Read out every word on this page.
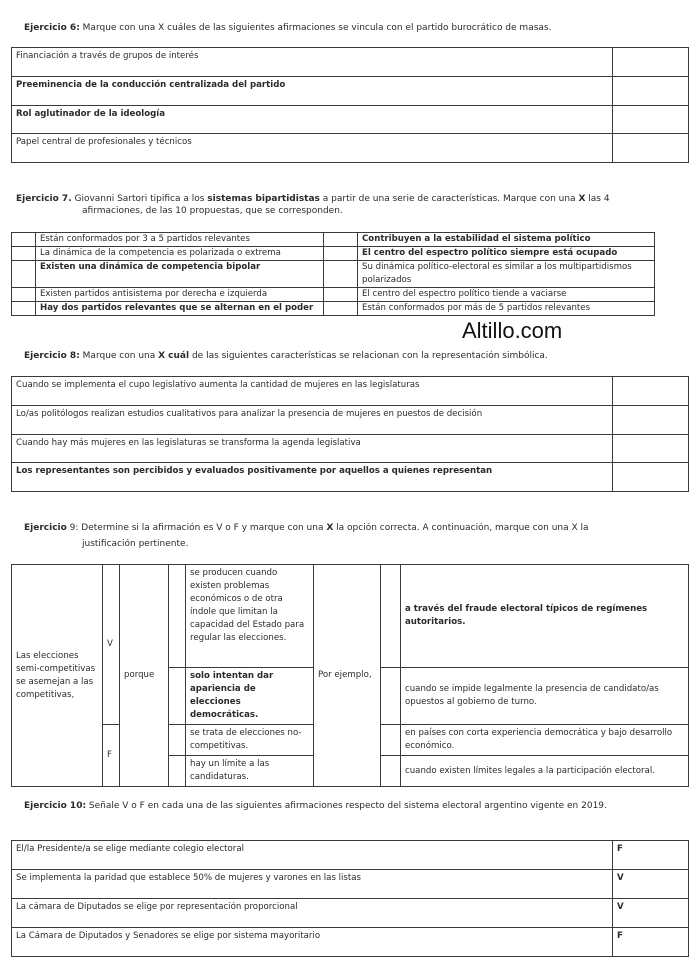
Ejercicio 6: Marque con una X cuáles de las siguientes afirmaciones se vincula con el partido burocrático de masas.
Financiación a través de grupos de interés	
Preeminencia de la conducción centralizada del partido	
Rol aglutinador de la ideología	
Papel central de profesionales y técnicos	
Ejercicio 7. Giovanni Sartori tipifica a los sistemas bipartidistas a partir de una serie de características. Marque con una X las 4
afirmaciones, de las 10 propuestas, que se corresponden.
	Están conformados por 3 a 5 partidos relevantes		Contribuyen a la estabilidad el sistema político
	La dinámica de la competencia es polarizada o extrema		El centro del espectro político siempre está ocupado
	Existen una dinámica de competencia bipolar		Su dinámica político-electoral es similar a los multipartidismos polarizados
	Existen partidos antisistema por derecha e izquierda		El centro del espectro político tiende a vaciarse
	Hay dos partidos relevantes que se alternan en el poder		Están conformados por más de 5 partidos relevantes
Altillo.com
Ejercicio 8: Marque con una X cuál de las siguientes características se relacionan con la representación simbólica.
Cuando se implementa el cupo legislativo aumenta la cantidad de mujeres en las legislaturas	
Lo/as politólogos realizan estudios cualitativos para analizar la presencia de mujeres en puestos de decisión	
Cuando hay más mujeres en las legislaturas se transforma la agenda legislativa	
Los representantes son percibidos y evaluados positivamente por aquellos a quienes representan	
Ejercicio 9: Determine si la afirmación es V o F y marque con una X la opción correcta. A continuación, marque con una X la
justificación pertinente.
Las elecciones semi-competitivas se asemejan a las competitivas,	V	porque		se producen cuando existen problemas económicos o de otra índole que limitan la capacidad del Estado para regular las elecciones.	Por ejemplo,		a través del fraude electoral típicos de regímenes autoritarios.
				solo intentan dar apariencia de elecciones democráticas.			cuando se impide legalmente la presencia de candidato/as opuestos al gobierno de turno.
	F			se trata de elecciones no-competitivas.			en países con corta experiencia democrática y bajo desarrollo económico.
				hay un límite a las candidaturas.			cuando existen límites legales a la participación electoral.
Ejercicio 10: Señale V o F en cada una de las siguientes afirmaciones respecto del sistema electoral argentino vigente en 2019.
El/la Presidente/a se elige mediante colegio electoral	F
Se implementa la paridad que establece 50% de mujeres y varones en las listas	V
La cámara de Diputados se elige por representación proporcional	V
La Cámara de Diputados y Senadores se elige por sistema mayoritario	F
